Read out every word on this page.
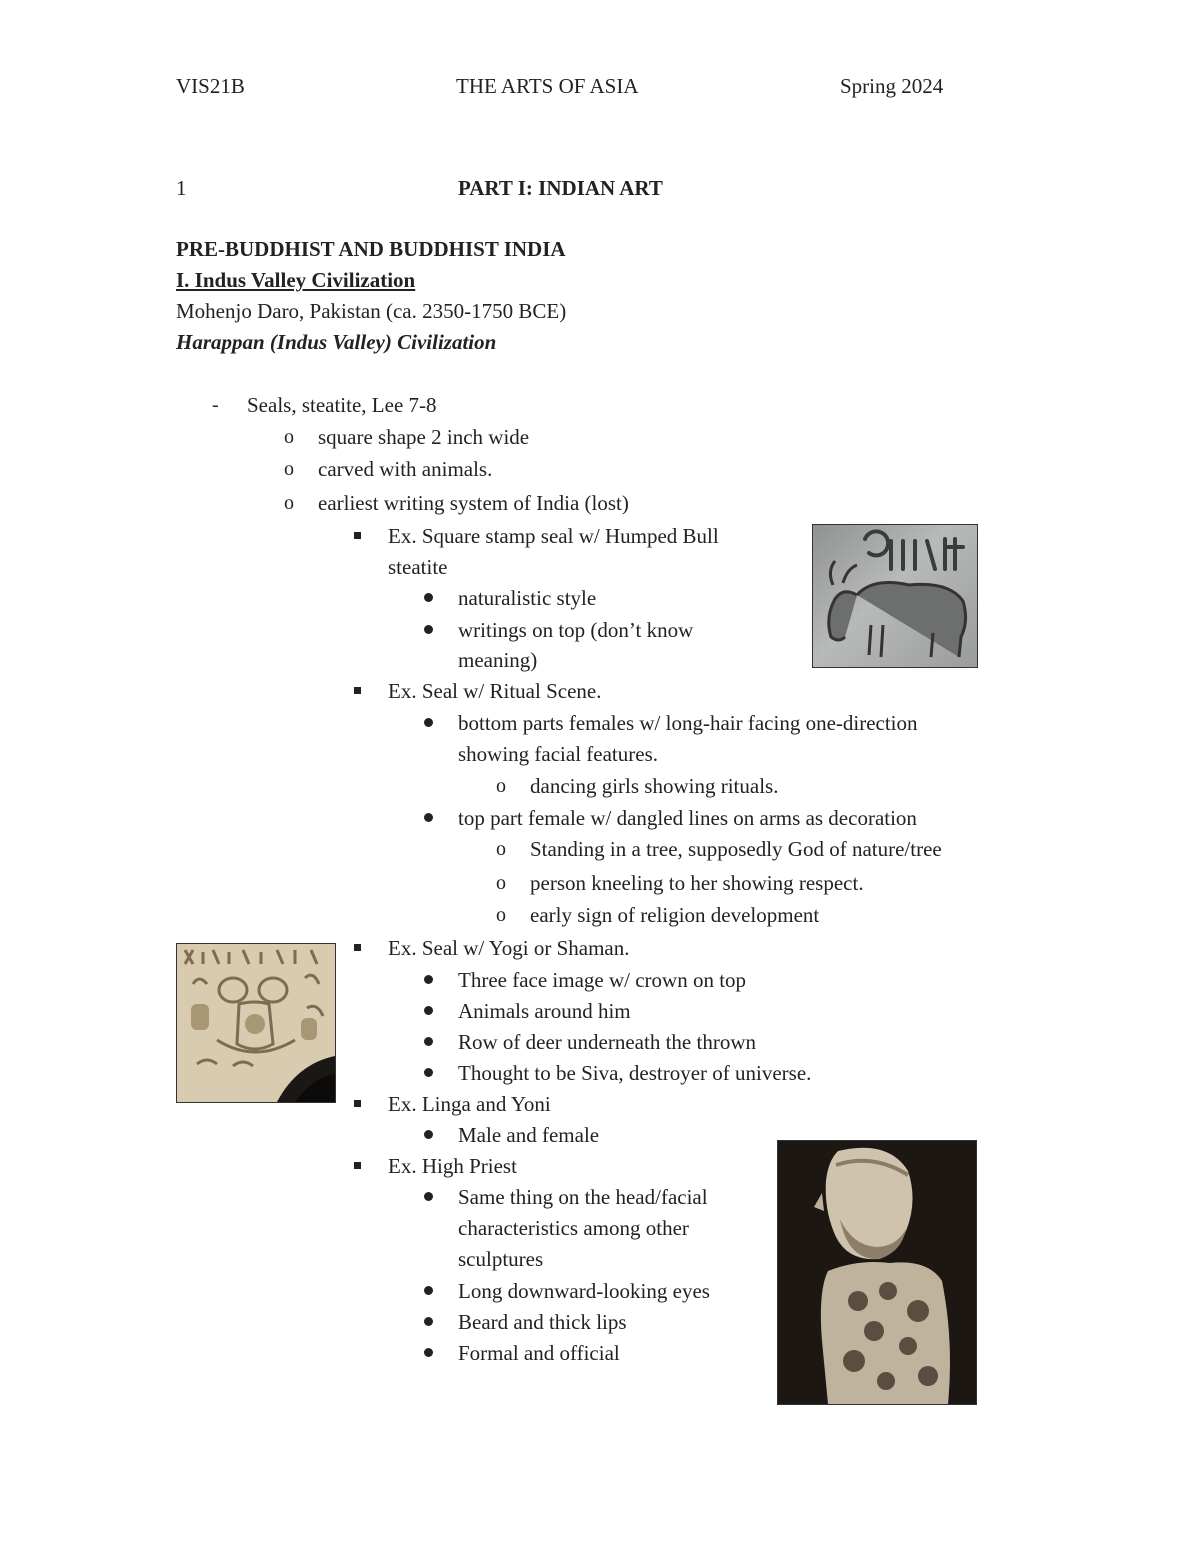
VIS21B	THE ARTS OF ASIA	Spring 2024
1	PART I: INDIAN ART
PRE-BUDDHIST AND BUDDHIST INDIA
I. Indus Valley Civilization
Mohenjo Daro, Pakistan (ca. 2350-1750 BCE)
Harappan (Indus Valley) Civilization
- Seals, steatite, Lee 7-8
o square shape 2 inch wide
o carved with animals.
o earliest writing system of India (lost)
Ex. Square stamp seal w/ Humped Bull
steatite
naturalistic style
writings on top (don’t know
meaning)
Ex. Seal w/ Ritual Scene.
bottom parts females w/ long-hair facing one-direction
showing facial features.
o dancing girls showing rituals.
top part female w/ dangled lines on arms as decoration
o Standing in a tree, supposedly God of nature/tree
o person kneeling to her showing respect.
o early sign of religion development
Ex. Seal w/ Yogi or Shaman.
Three face image w/ crown on top
Animals around him
Row of deer underneath the thrown
Thought to be Siva, destroyer of universe.
Ex. Linga and Yoni
Male and female
Ex. High Priest
Same thing on the head/facial
characteristics among other
sculptures
Long downward-looking eyes
Beard and thick lips
Formal and official
